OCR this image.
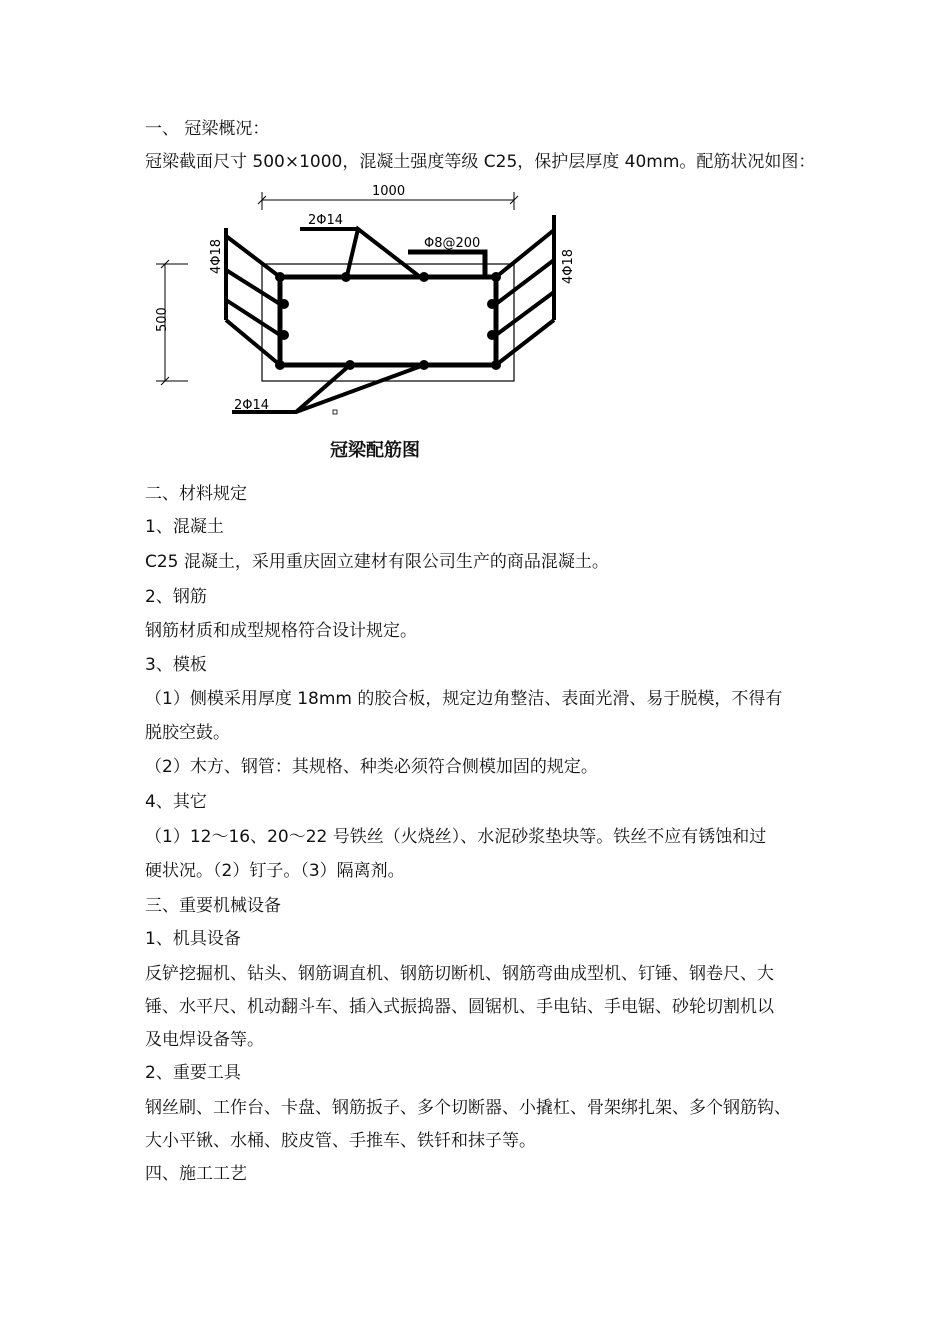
一、 冠梁概况：
冠梁截面尺寸 500×1000，混凝土强度等级 C25，保护层厚度 40mm。配筋状况如图：
1000
500
2Φ14
Φ8@200
4Φ18	4Φ18
2Φ14
冠梁配筋图
二、材料规定
1、混凝土
C25 混凝土，采用重庆固立建材有限公司生产的商品混凝土。
2、钢筋
钢筋材质和成型规格符合设计规定。
3、模板
（1）侧模采用厚度 18mm 的胶合板，规定边角整洁、表面光滑、易于脱模，不得有
脱胶空鼓。
（2）木方、钢管：其规格、种类必须符合侧模加固的规定。
4、其它
（1）12～16、20～22 号铁丝（火烧丝）、水泥砂浆垫块等。铁丝不应有锈蚀和过
硬状况。（2）钉子。（3）隔离剂。
三、重要机械设备
1、机具设备
反铲挖掘机、钻头、钢筋调直机、钢筋切断机、钢筋弯曲成型机、钉锤、钢卷尺、大
锤、水平尺、机动翻斗车、插入式振捣器、圆锯机、手电钻、手电锯、砂轮切割机以
及电焊设备等。
2、重要工具
钢丝刷、工作台、卡盘、钢筋扳子、多个切断器、小撬杠、骨架绑扎架、多个钢筋钩、
大小平锹、水桶、胶皮管、手推车、铁钎和抹子等。
四、施工工艺
